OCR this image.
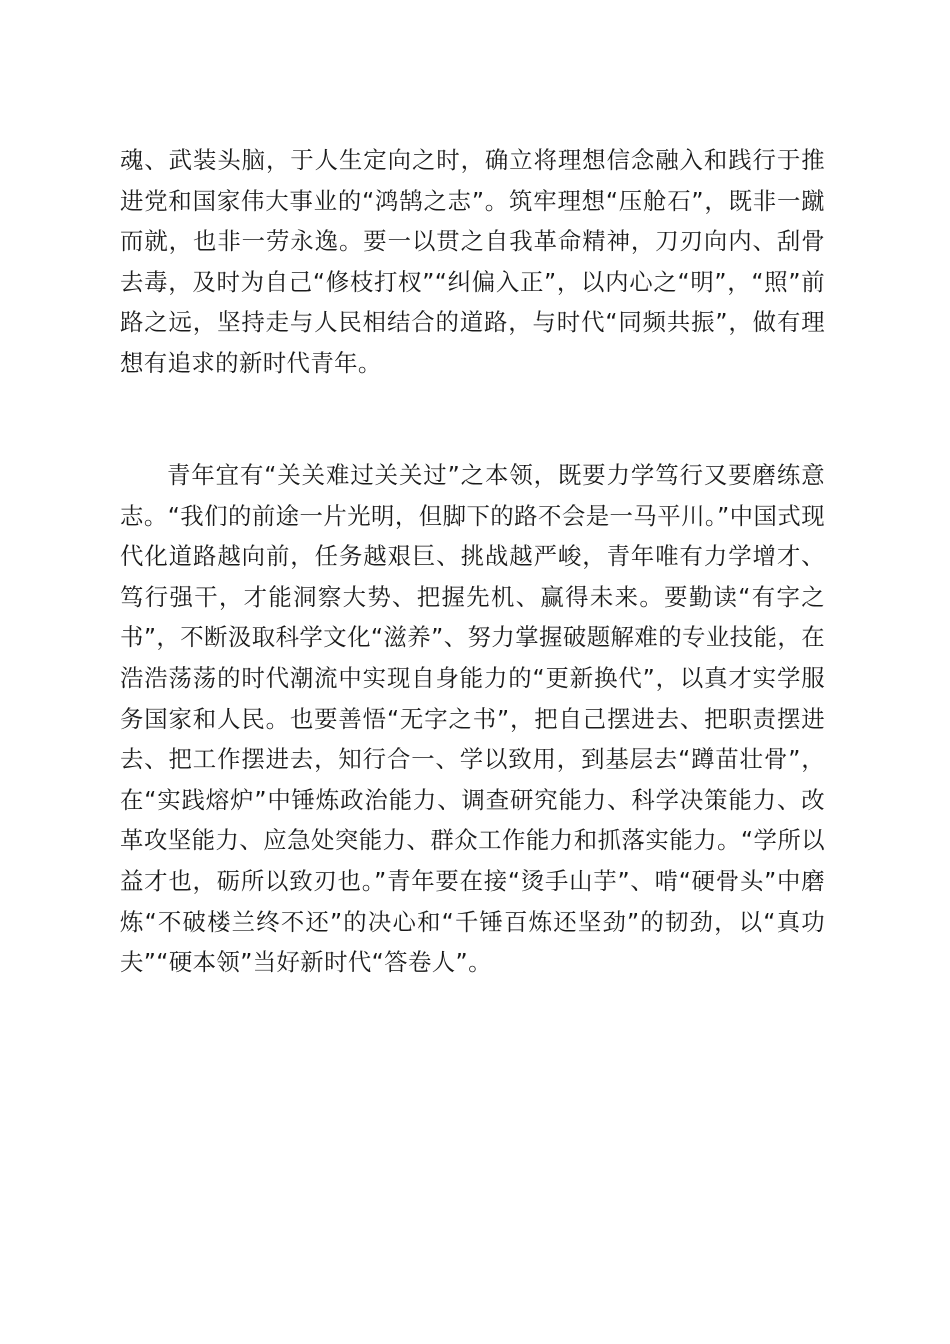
魂、武装头脑，于人生定向之时，确立将理想信念融入和践行于推进党和国家伟大事业的“鸿鹄之志”。筑牢理想“压舱石”，既非一蹴而就，也非一劳永逸。要一以贯之自我革命精神，刀刃向内、刮骨去毒，及时为自己“修枝打杈”“纠偏入正”，以内心之“明”，“照”前路之远，坚持走与人民相结合的道路，与时代“同频共振”，做有理想有追求的新时代青年。

青年宜有“关关难过关关过”之本领，既要力学笃行又要磨练意志。“我们的前途一片光明，但脚下的路不会是一马平川。”中国式现代化道路越向前，任务越艰巨、挑战越严峻，青年唯有力学增才、笃行强干，才能洞察大势、把握先机、赢得未来。要勤读“有字之书”，不断汲取科学文化“滋养”、努力掌握破题解难的专业技能，在浩浩荡荡的时代潮流中实现自身能力的“更新换代”，以真才实学服务国家和人民。也要善悟“无字之书”，把自己摆进去、把职责摆进去、把工作摆进去，知行合一、学以致用，到基层去“蹲苗壮骨”，在“实践熔炉”中锤炼政治能力、调查研究能力、科学决策能力、改革攻坚能力、应急处突能力、群众工作能力和抓落实能力。“学所以益才也，砺所以致刃也。”青年要在接“烫手山芋”、啃“硬骨头”中磨炼“不破楼兰终不还”的决心和“千锤百炼还坚劲”的韧劲，以“真功夫”“硬本领”当好新时代“答卷人”。
